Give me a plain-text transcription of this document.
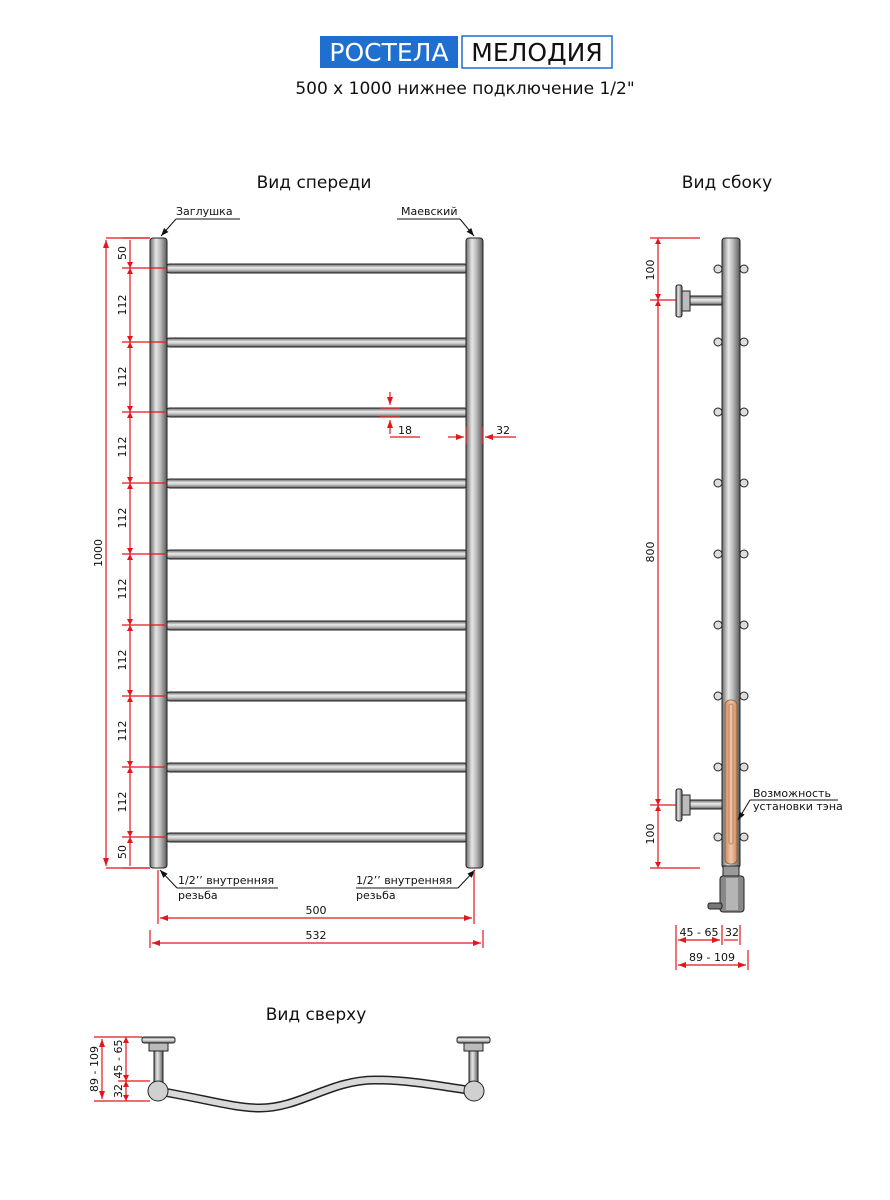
РОСТЕЛА МЕЛОДИЯ
500 х 1000 нижнее подключение 1/2"
Вид спереди
Заглушка	Маевский
1000
50
112
112
112
112
112
112
112
112
50
18	32
1/2’’ внутренняя
резьба
1/2’’ внутренняя
резьба
500
532
Вид сбоку
Возможность
установки тэна
100
800
100
45 - 65 32
89 - 109
Вид сверху
89 - 109 45 - 65
32
